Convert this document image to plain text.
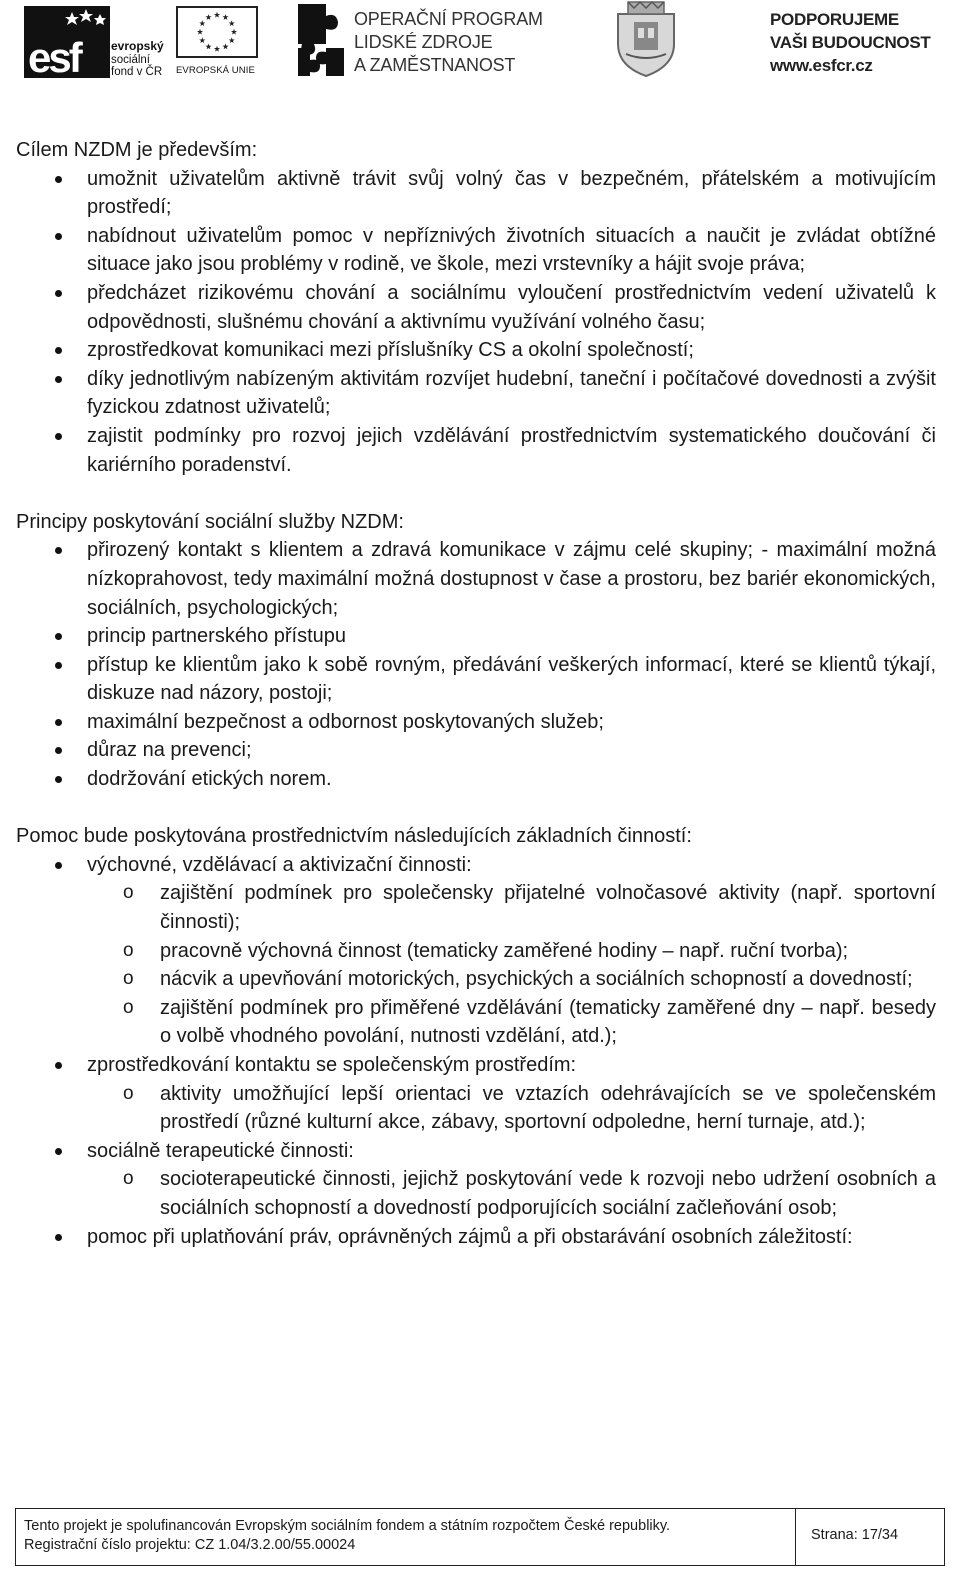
esf	evropský
sociální
fond v ČR EVROPSKÁ UNIE
OPERAČNÍ PROGRAM
LIDSKÉ ZDROJE
A ZAMĚSTNANOST
PODPORUJEME
VAŠI BUDOUCNOST
www.esfcr.cz

Cílem NZDM je především:

umožnit uživatelům aktivně trávit svůj volný čas v bezpečném, přátelském a motivujícím prostředí;
nabídnout uživatelům pomoc v nepříznivých životních situacích a naučit je zvládat obtížné situace jako jsou problémy v rodině, ve škole, mezi vrstevníky a hájit svoje práva;
předcházet rizikovému chování a sociálnímu vyloučení prostřednictvím vedení uživatelů k odpovědnosti, slušnému chování a aktivnímu využívání volného času;
zprostředkovat komunikaci mezi příslušníky CS a okolní společností;
díky jednotlivým nabízeným aktivitám rozvíjet hudební, taneční i počítačové dovednosti a zvýšit fyzickou zdatnost uživatelů;
zajistit podmínky pro rozvoj jejich vzdělávání prostřednictvím systematického doučování či kariérního poradenství.

Principy poskytování sociální služby NZDM:

přirozený kontakt s klientem a zdravá komunikace v zájmu celé skupiny; - maximální možná nízkoprahovost, tedy maximální možná dostupnost v čase a prostoru, bez bariér ekonomických, sociálních, psychologických;
princip partnerského přístupu
přístup ke klientům jako k sobě rovným, předávání veškerých informací, které se klientů týkají, diskuze nad názory, postoji;
maximální bezpečnost a odbornost poskytovaných služeb;
důraz na prevenci;
dodržování etických norem.

Pomoc bude poskytována prostřednictvím následujících základních činností:

výchovné, vzdělávací a aktivizační činnosti:
o zajištění podmínek pro společensky přijatelné volnočasové aktivity (např. sportovní činnosti);
o pracovně výchovná činnost (tematicky zaměřené hodiny – např. ruční tvorba);
o nácvik a upevňování motorických, psychických a sociálních schopností a dovedností;
o zajištění podmínek pro přiměřené vzdělávání (tematicky zaměřené dny – např. besedy o volbě vhodného povolání, nutnosti vzdělání, atd.);
zprostředkování kontaktu se společenským prostředím:
o aktivity umožňující lepší orientaci ve vztazích odehrávajících se ve společenském prostředí (různé kulturní akce, zábavy, sportovní odpoledne, herní turnaje, atd.);
sociálně terapeutické činnosti:
o socioterapeutické činnosti, jejichž poskytování vede k rozvoji nebo udržení osobních a sociálních schopností a dovedností podporujících sociální začleňování osob;
pomoc při uplatňování práv, oprávněných zájmů a při obstarávání osobních záležitostí:
Tento projekt je spolufinancován Evropským sociálním fondem a státním rozpočtem České republiky.
Registrační číslo projektu: CZ 1.04/3.2.00/55.00024
Strana: 17/34
